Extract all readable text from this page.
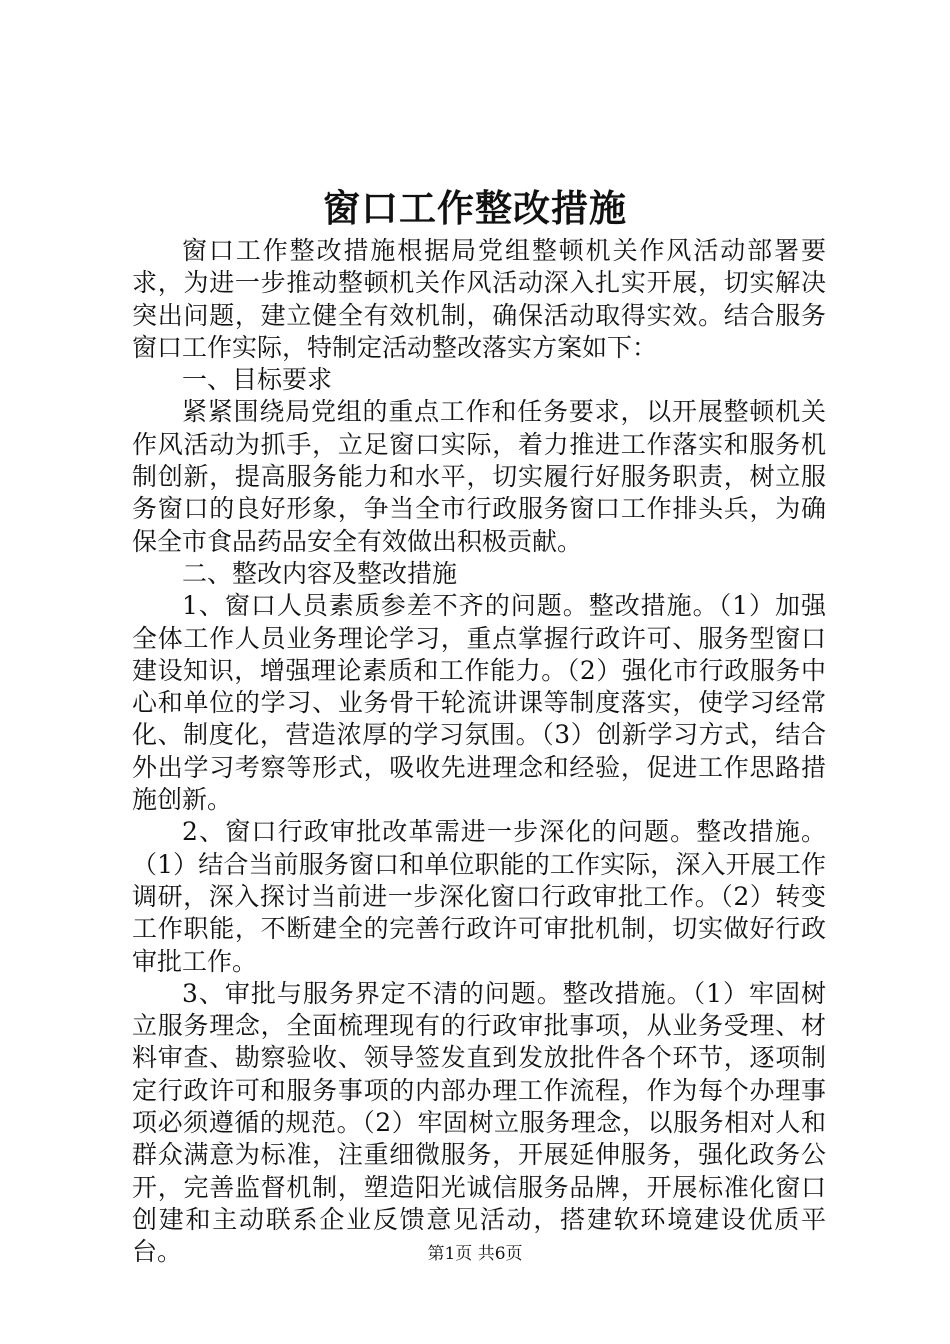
窗口工作整改措施

窗口工作整改措施根据局党组整顿机关作风活动部署要求，为进一步推动整顿机关作风活动深入扎实开展，切实解决突出问题，建立健全有效机制，确保活动取得实效。结合服务窗口工作实际，特制定活动整改落实方案如下：

一、目标要求

紧紧围绕局党组的重点工作和任务要求，以开展整顿机关作风活动为抓手，立足窗口实际，着力推进工作落实和服务机制创新，提高服务能力和水平，切实履行好服务职责，树立服务窗口的良好形象，争当全市行政服务窗口工作排头兵，为确保全市食品药品安全有效做出积极贡献。

二、整改内容及整改措施

1、窗口人员素质参差不齐的问题。整改措施。（1）加强全体工作人员业务理论学习，重点掌握行政许可、服务型窗口建设知识，增强理论素质和工作能力。（2）强化市行政服务中心和单位的学习、业务骨干轮流讲课等制度落实，使学习经常化、制度化，营造浓厚的学习氛围。（3）创新学习方式，结合外出学习考察等形式，吸收先进理念和经验，促进工作思路措施创新。

2、窗口行政审批改革需进一步深化的问题。整改措施。（1）结合当前服务窗口和单位职能的工作实际，深入开展工作调研，深入探讨当前进一步深化窗口行政审批工作。（2）转变工作职能，不断建全的完善行政许可审批机制，切实做好行政审批工作。

3、审批与服务界定不清的问题。整改措施。（1）牢固树立服务理念，全面梳理现有的行政审批事项，从业务受理、材料审查、勘察验收、领导签发直到发放批件各个环节，逐项制定行政许可和服务事项的内部办理工作流程，作为每个办理事项必须遵循的规范。（2）牢固树立服务理念，以服务相对人和群众满意为标准，注重细微服务，开展延伸服务，强化政务公开，完善监督机制，塑造阳光诚信服务品牌，开展标准化窗口创建和主动联系企业反馈意见活动，搭建软环境建设优质平台。	第1页 共6页
